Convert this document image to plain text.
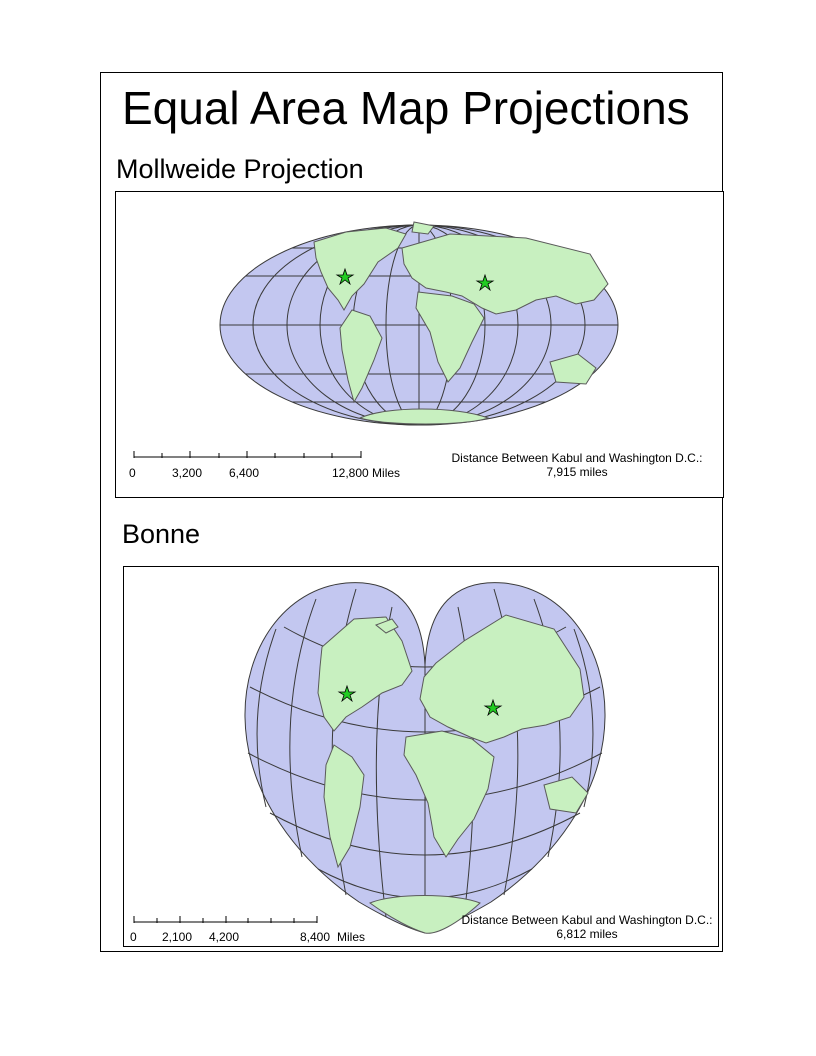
Equal Area Map Projections
Mollweide Projection
0	3,200 6,400	12,800 Miles
Distance Between Kabul and Washington D.C.:
7,915 miles
Bonne
0 2,100 4,200	8,400 Miles
Distance Between Kabul and Washington D.C.:
6,812 miles
